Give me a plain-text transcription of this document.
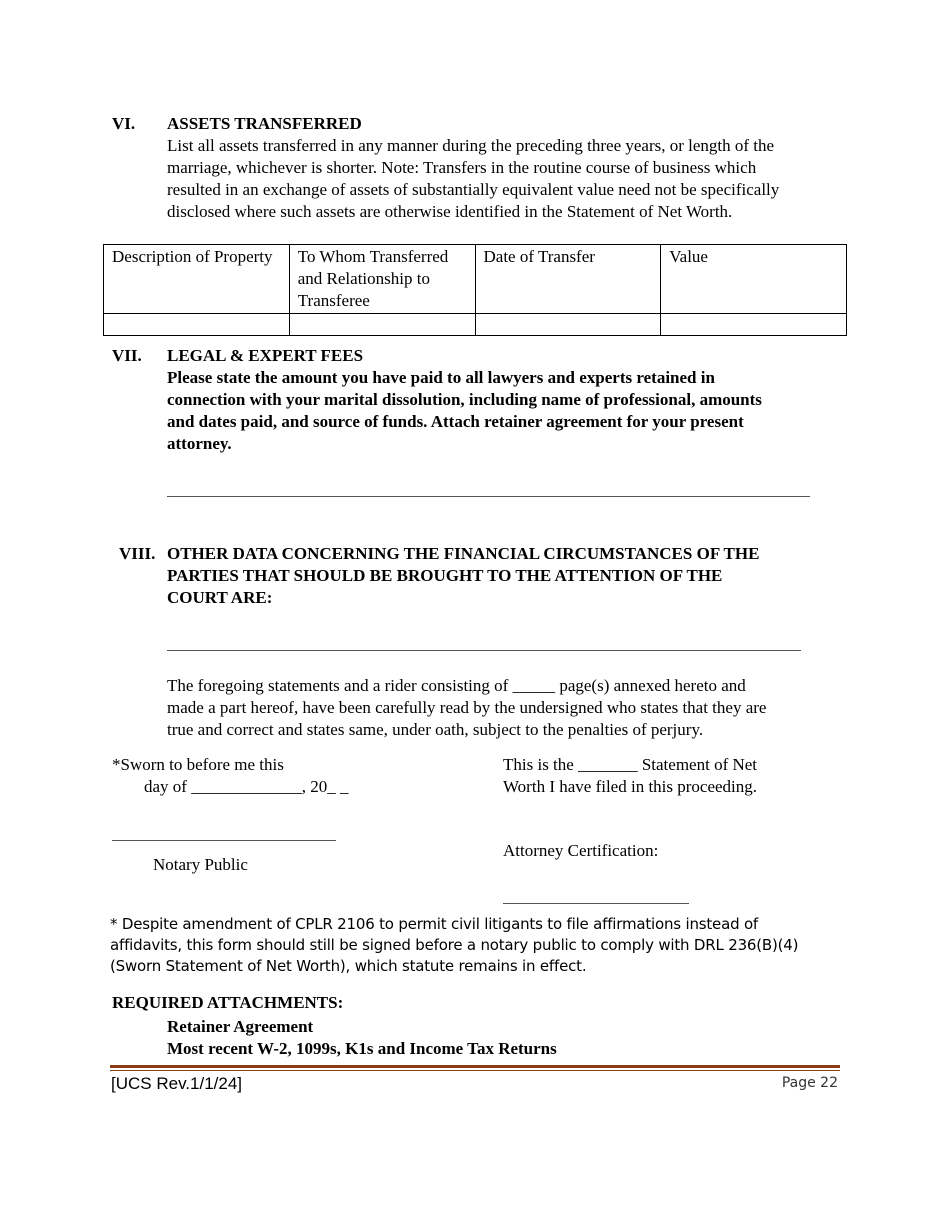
VI. ASSETS TRANSFERRED
List all assets transferred in any manner during the preceding three years, or length of the
marriage, whichever is shorter. Note: Transfers in the routine course of business which
resulted in an exchange of assets of substantially equivalent value need not be specifically
disclosed where such assets are otherwise identified in the Statement of Net Worth.
Description of Property	To Whom Transferred and Relationship to Transferee	Date of Transfer	Value

VII. LEGAL & EXPERT FEES
Please state the amount you have paid to all lawyers and experts retained in
connection with your marital dissolution, including name of professional, amounts
and dates paid, and source of funds. Attach retainer agreement for your present
attorney.
VIII. OTHER DATA CONCERNING THE FINANCIAL CIRCUMSTANCES OF THE
PARTIES THAT SHOULD BE BROUGHT TO THE ATTENTION OF THE
COURT ARE:
The foregoing statements and a rider consisting of _____ page(s) annexed hereto and
made a part hereof, have been carefully read by the undersigned who states that they are
true and correct and states same, under oath, subject to the penalties of perjury.
*Sworn to before me this
day of _____________, 20_ _
Notary Public
This is the _______ Statement of Net
Worth I have filed in this proceeding.
Attorney Certification:
* Despite amendment of CPLR 2106 to permit civil litigants to file affirmations instead of
affidavits, this form should still be signed before a notary public to comply with DRL 236(B)(4)
(Sworn Statement of Net Worth), which statute remains in effect.
REQUIRED ATTACHMENTS:
Retainer Agreement
Most recent W-2, 1099s, K1s and Income Tax Returns
[UCS Rev.1/1/24]	Page 22
